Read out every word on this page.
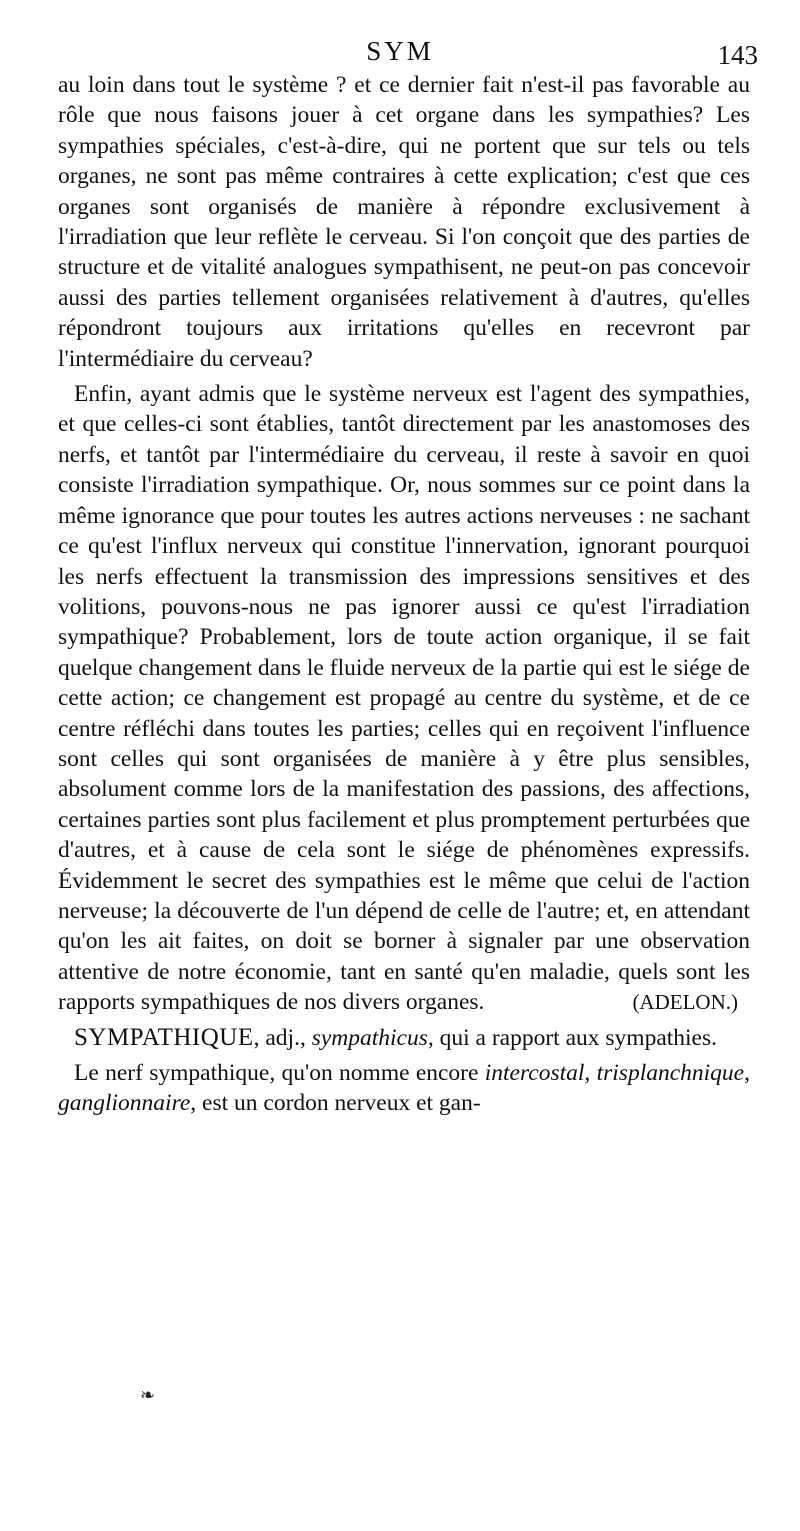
SYM	143

au loin dans tout le système ? et ce dernier fait n'est-il pas favorable au rôle que nous faisons jouer à cet organe dans les sympathies? Les sympathies spéciales, c'est-à-dire, qui ne portent que sur tels ou tels organes, ne sont pas même contraires à cette explication; c'est que ces organes sont organisés de manière à répondre exclusivement à l'irradiation que leur reflète le cerveau. Si l'on conçoit que des parties de structure et de vitalité analogues sympathisent, ne peut-on pas concevoir aussi des parties tellement organisées relativement à d'autres, qu'elles répondront toujours aux irritations qu'elles en recevront par l'intermédiaire du cerveau?

Enfin, ayant admis que le système nerveux est l'agent des sympathies, et que celles-ci sont établies, tantôt directement par les anastomoses des nerfs, et tantôt par l'intermédiaire du cerveau, il reste à savoir en quoi consiste l'irradiation sympathique. Or, nous sommes sur ce point dans la même ignorance que pour toutes les autres actions nerveuses : ne sachant ce qu'est l'influx nerveux qui constitue l'innervation, ignorant pourquoi les nerfs effectuent la transmission des impressions sensitives et des volitions, pouvons-nous ne pas ignorer aussi ce qu'est l'irradiation sympathique? Probablement, lors de toute action organique, il se fait quelque changement dans le fluide nerveux de la partie qui est le siége de cette action; ce changement est propagé au centre du système, et de ce centre réfléchi dans toutes les parties; celles qui en reçoivent l'influence sont celles qui sont organisées de manière à y être plus sensibles, absolument comme lors de la manifestation des passions, des affections, certaines parties sont plus facilement et plus promptement perturbées que d'autres, et à cause de cela sont le siége de phénomènes expressifs. Évidemment le secret des sympathies est le même que celui de l'action nerveuse; la découverte de l'un dépend de celle de l'autre; et, en attendant qu'on les ait faites, on doit se borner à signaler par une observation attentive de notre économie, tant en santé qu'en maladie, quels sont les rapports sympathiques de nos divers organes.	(ADELON.)

SYMPATHIQUE, adj., sympathicus, qui a rapport aux sympathies.

Le nerf sympathique, qu'on nomme encore intercostal, trisplanchnique, ganglionnaire, est un cordon nerveux et gan-

❧
